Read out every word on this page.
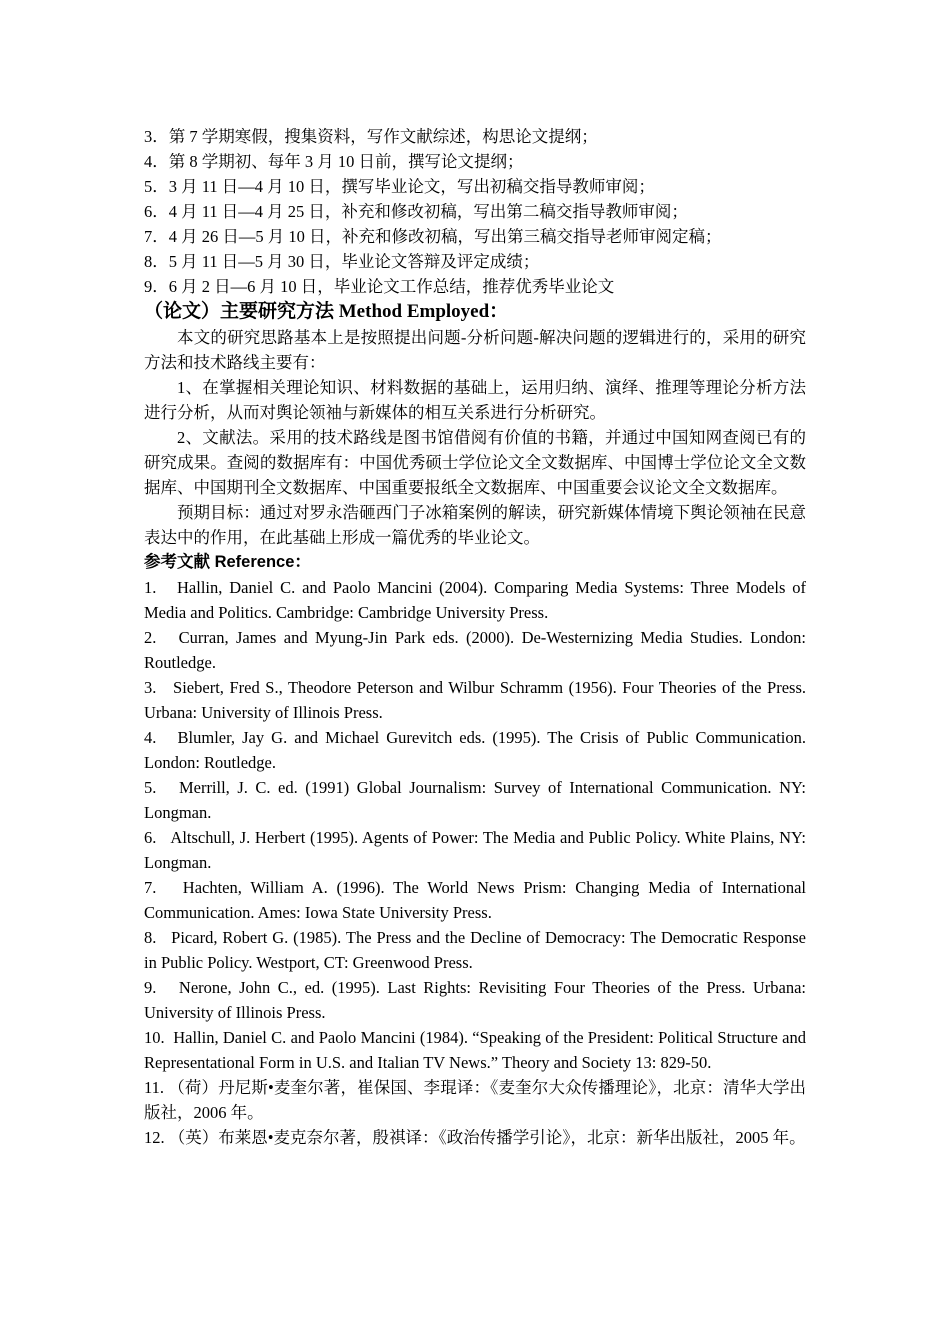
3．第 7 学期寒假，搜集资料，写作文献综述，构思论文提纲；
4．第 8 学期初、每年 3 月 10 日前，撰写论文提纲；
5．3 月 11 日—4 月 10 日，撰写毕业论文，写出初稿交指导教师审阅；
6．4 月 11 日—4 月 25 日，补充和修改初稿，写出第二稿交指导教师审阅；
7．4 月 26 日—5 月 10 日，补充和修改初稿，写出第三稿交指导老师审阅定稿；
8．5 月 11 日—5 月 30 日，毕业论文答辩及评定成绩；
9．6 月 2 日—6 月 10 日，毕业论文工作总结，推荐优秀毕业论文
（论文）主要研究方法 Method Employed：
本文的研究思路基本上是按照提出问题-分析问题-解决问题的逻辑进行的，采用的研究方法和技术路线主要有：
1、在掌握相关理论知识、材料数据的基础上，运用归纳、演绎、推理等理论分析方法进行分析，从而对舆论领袖与新媒体的相互关系进行分析研究。
2、文献法。采用的技术路线是图书馆借阅有价值的书籍，并通过中国知网查阅已有的研究成果。查阅的数据库有：中国优秀硕士学位论文全文数据库、中国博士学位论文全文数据库、中国期刊全文数据库、中国重要报纸全文数据库、中国重要会议论文全文数据库。
预期目标：通过对罗永浩砸西门子冰箱案例的解读，研究新媒体情境下舆论领袖在民意表达中的作用，在此基础上形成一篇优秀的毕业论文。
参考文献 Reference：
1.   Hallin, Daniel C. and Paolo Mancini (2004). Comparing Media Systems: Three Models of Media and Politics. Cambridge: Cambridge University Press.
2.   Curran, James and Myung-Jin Park eds. (2000). De-Westernizing Media Studies. London: Routledge.
3.   Siebert, Fred S., Theodore Peterson and Wilbur Schramm (1956). Four Theories of the Press. Urbana: University of Illinois Press.
4.   Blumler, Jay G. and Michael Gurevitch eds. (1995). The Crisis of Public Communication. London: Routledge.
5.   Merrill, J. C. ed. (1991) Global Journalism: Survey of International Communication. NY: Longman.
6.   Altschull, J. Herbert (1995). Agents of Power: The Media and Public Policy. White Plains, NY: Longman.
7.   Hachten, William A. (1996). The World News Prism: Changing Media of International Communication. Ames: Iowa State University Press.
8.   Picard, Robert G. (1985). The Press and the Decline of Democracy: The Democratic Response in Public Policy. Westport, CT: Greenwood Press.
9.   Nerone, John C., ed. (1995). Last Rights: Revisiting Four Theories of the Press. Urbana: University of Illinois Press.
10.  Hallin, Daniel C. and Paolo Mancini (1984). “Speaking of the President: Political Structure and Representational Form in U.S. and Italian TV News.” Theory and Society 13: 829-50.
11. （荷）丹尼斯•麦奎尔著，崔保国、李琨译：《麦奎尔大众传播理论》，北京：清华大学出版社，2006 年。
12. （英）布莱恩•麦克奈尔著，殷祺译：《政治传播学引论》，北京：新华出版社，2005 年。
